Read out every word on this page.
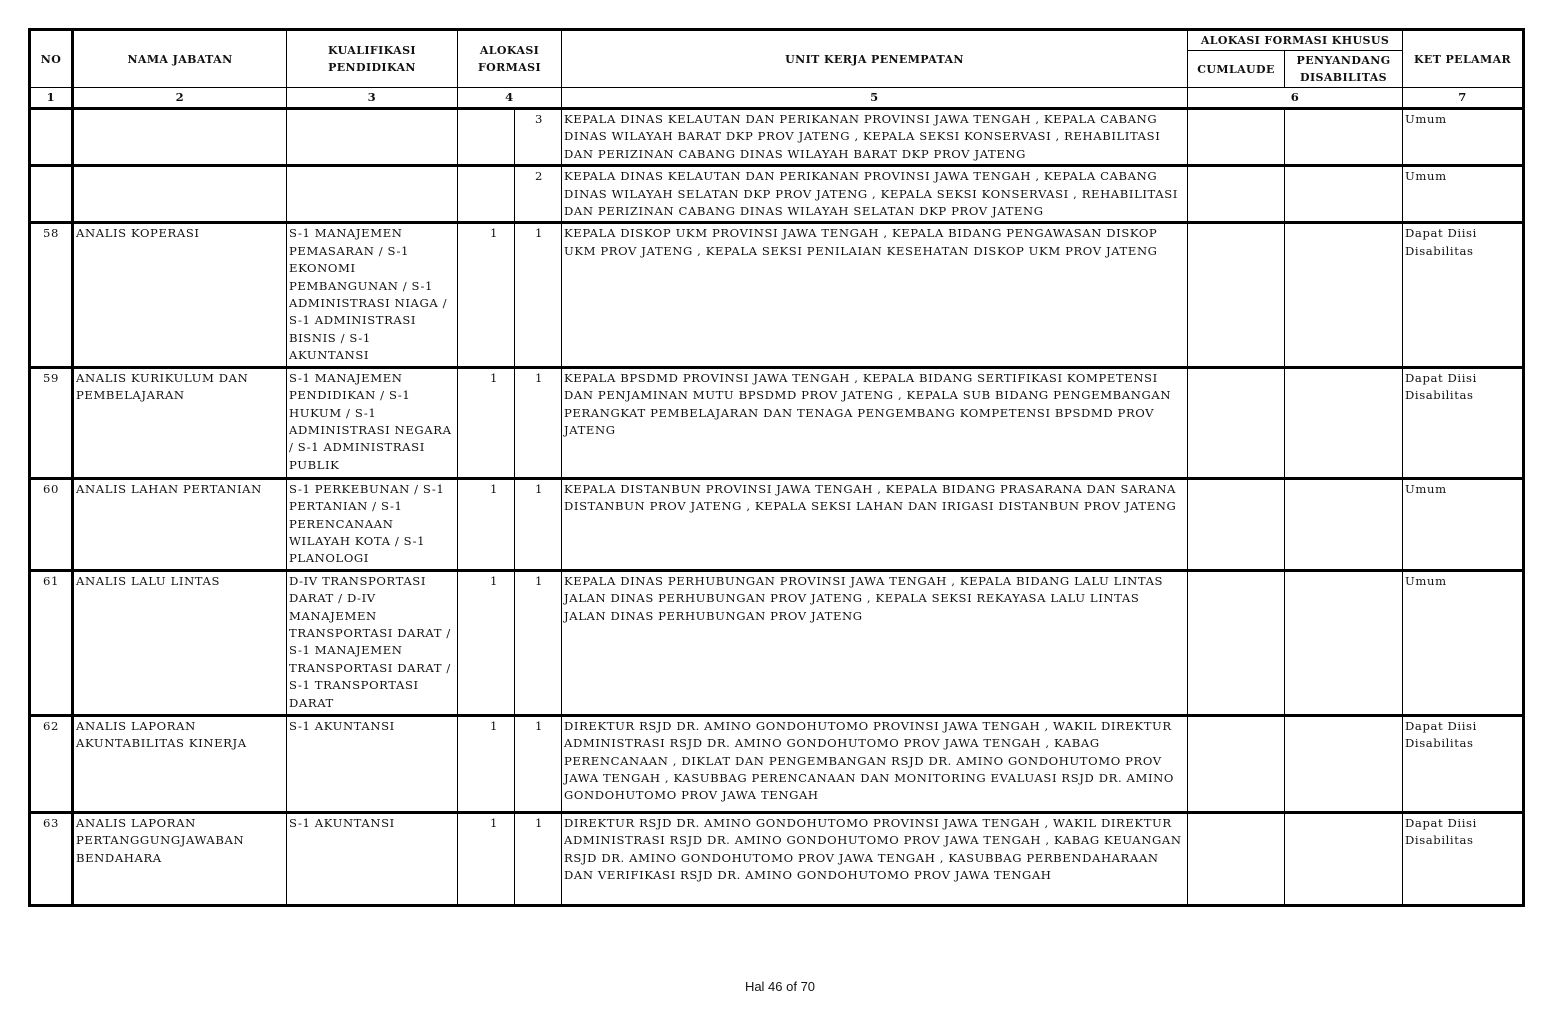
NO	NAMA JABATAN	KUALIFIKASI PENDIDIKAN	ALOKASI FORMASI		UNIT KERJA PENEMPATAN	ALOKASI FORMASI KHUSUS		KET PELAMAR
						CUMLAUDE	PENYANDANG DISABILITAS	
1	2	3	4		5	6		7
				3	KEPALA DINAS KELAUTAN DAN PERIKANAN PROVINSI JAWA TENGAH , KEPALA CABANG DINAS WILAYAH BARAT DKP PROV JATENG , KEPALA SEKSI KONSERVASI , REHABILITASI DAN PERIZINAN CABANG DINAS WILAYAH BARAT DKP PROV JATENG			Umum
				2	KEPALA DINAS KELAUTAN DAN PERIKANAN PROVINSI JAWA TENGAH , KEPALA CABANG DINAS WILAYAH SELATAN DKP PROV JATENG , KEPALA SEKSI KONSERVASI , REHABILITASI DAN PERIZINAN CABANG DINAS WILAYAH SELATAN DKP PROV JATENG			Umum
58	ANALIS KOPERASI	S-1 MANAJEMEN PEMASARAN / S-1 EKONOMI PEMBANGUNAN / S-1 ADMINISTRASI NIAGA / S-1 ADMINISTRASI BISNIS / S-1 AKUNTANSI	1	1	KEPALA DISKOP UKM PROVINSI JAWA TENGAH , KEPALA BIDANG PENGAWASAN DISKOP UKM PROV JATENG , KEPALA SEKSI PENILAIAN KESEHATAN DISKOP UKM PROV JATENG			Dapat Diisi Disabilitas
59	ANALIS KURIKULUM DAN PEMBELAJARAN	S-1 MANAJEMEN PENDIDIKAN / S-1 HUKUM / S-1 ADMINISTRASI NEGARA / S-1 ADMINISTRASI PUBLIK	1	1	KEPALA BPSDMD PROVINSI JAWA TENGAH , KEPALA BIDANG SERTIFIKASI KOMPETENSI DAN PENJAMINAN MUTU BPSDMD PROV JATENG , KEPALA SUB BIDANG PENGEMBANGAN PERANGKAT PEMBELAJARAN DAN TENAGA PENGEMBANG KOMPETENSI BPSDMD PROV JATENG			Dapat Diisi Disabilitas
60	ANALIS LAHAN PERTANIAN	S-1 PERKEBUNAN / S-1 PERTANIAN / S-1 PERENCANAAN WILAYAH KOTA / S-1 PLANOLOGI	1	1	KEPALA DISTANBUN PROVINSI JAWA TENGAH , KEPALA BIDANG PRASARANA DAN SARANA DISTANBUN PROV JATENG , KEPALA SEKSI LAHAN DAN IRIGASI DISTANBUN PROV JATENG			Umum
61	ANALIS LALU LINTAS	D-IV TRANSPORTASI DARAT / D-IV MANAJEMEN TRANSPORTASI DARAT / S-1 MANAJEMEN TRANSPORTASI DARAT / S-1 TRANSPORTASI DARAT	1	1	KEPALA DINAS PERHUBUNGAN PROVINSI JAWA TENGAH , KEPALA BIDANG LALU LINTAS JALAN DINAS PERHUBUNGAN PROV JATENG , KEPALA SEKSI REKAYASA LALU LINTAS JALAN DINAS PERHUBUNGAN PROV JATENG			Umum
62	ANALIS LAPORAN AKUNTABILITAS KINERJA	S-1 AKUNTANSI	1	1	DIREKTUR RSJD DR. AMINO GONDOHUTOMO PROVINSI JAWA TENGAH , WAKIL DIREKTUR ADMINISTRASI RSJD DR. AMINO GONDOHUTOMO PROV JAWA TENGAH , KABAG PERENCANAAN , DIKLAT DAN PENGEMBANGAN RSJD DR. AMINO GONDOHUTOMO PROV JAWA TENGAH , KASUBBAG PERENCANAAN DAN MONITORING EVALUASI RSJD DR. AMINO GONDOHUTOMO PROV JAWA TENGAH			Dapat Diisi Disabilitas
63	ANALIS LAPORAN PERTANGGUNGJAWABAN BENDAHARA	S-1 AKUNTANSI	1	1	DIREKTUR RSJD DR. AMINO GONDOHUTOMO PROVINSI JAWA TENGAH , WAKIL DIREKTUR ADMINISTRASI RSJD DR. AMINO GONDOHUTOMO PROV JAWA TENGAH , KABAG KEUANGAN RSJD DR. AMINO GONDOHUTOMO PROV JAWA TENGAH , KASUBBAG PERBENDAHARAAN DAN VERIFIKASI RSJD DR. AMINO GONDOHUTOMO PROV JAWA TENGAH			Dapat Diisi Disabilitas
Hal 46 of 70
